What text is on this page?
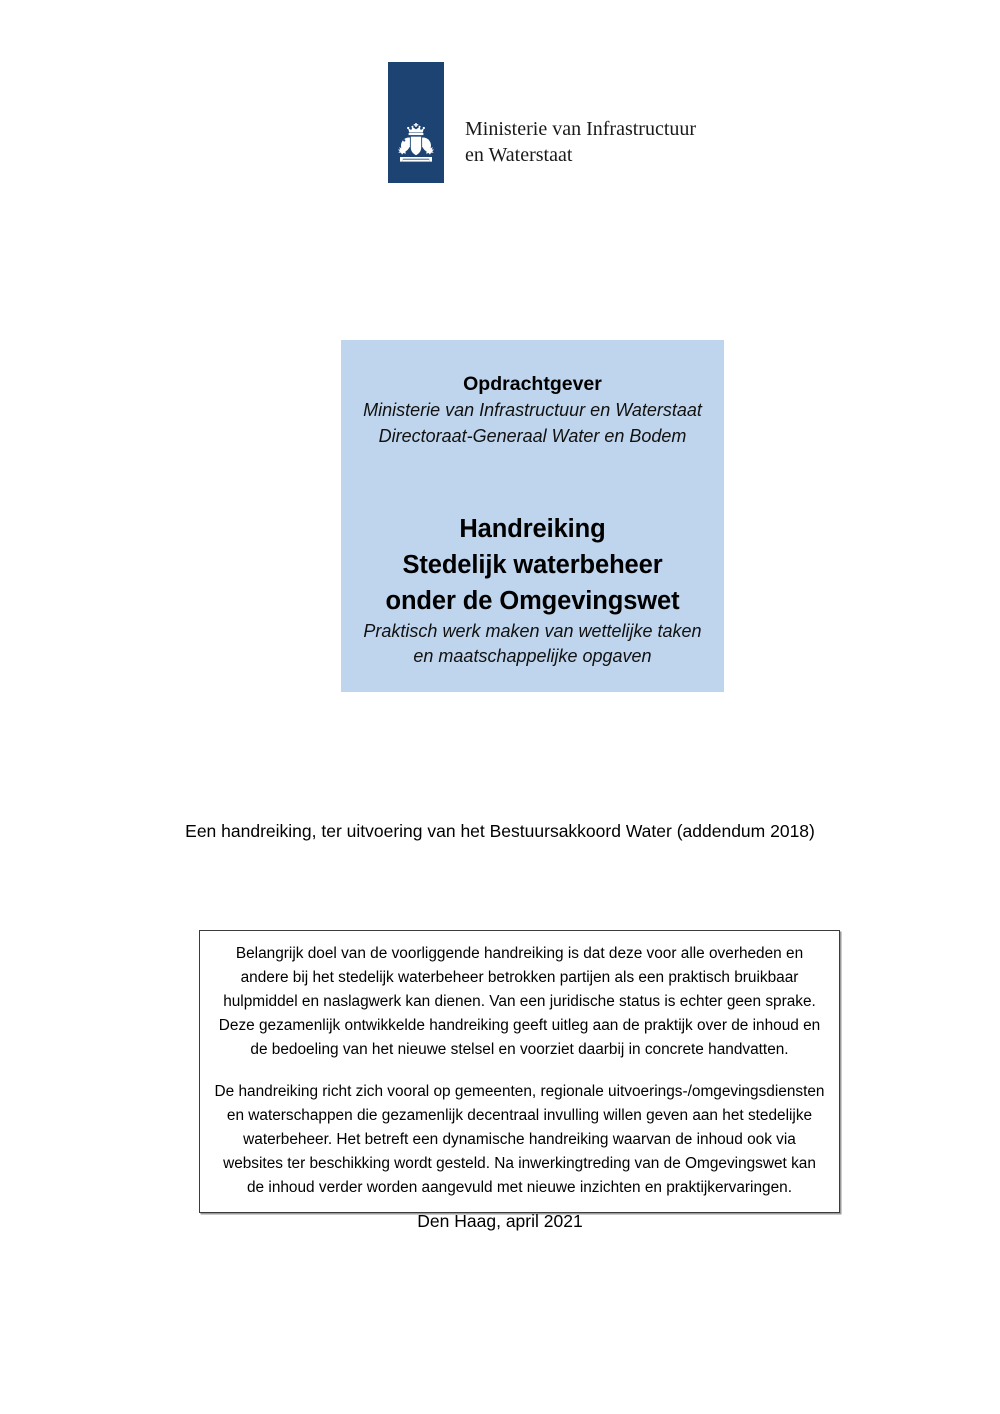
Ministerie van Infrastructuur
en Waterstaat
Opdrachtgever
Ministerie van Infrastructuur en Waterstaat
Directoraat-Generaal Water en Bodem
Handreiking
Stedelijk waterbeheer
onder de Omgevingswet
Praktisch werk maken van wettelijke taken
en maatschappelijke opgaven
Een handreiking, ter uitvoering van het Bestuursakkoord Water (addendum 2018)

Belangrijk doel van de voorliggende handreiking is dat deze voor alle overheden en andere bij het stedelijk waterbeheer betrokken partijen als een praktisch bruikbaar hulpmiddel en naslagwerk kan dienen. Van een juridische status is echter geen sprake. Deze gezamenlijk ontwikkelde handreiking geeft uitleg aan de praktijk over de inhoud en de bedoeling van het nieuwe stelsel en voorziet daarbij in concrete handvatten.

De handreiking richt zich vooral op gemeenten, regionale uitvoerings-/omgevingsdiensten en waterschappen die gezamenlijk decentraal invulling willen geven aan het stedelijke waterbeheer. Het betreft een dynamische handreiking waarvan de inhoud ook via websites ter beschikking wordt gesteld. Na inwerkingtreding van de Omgevingswet kan de inhoud verder worden aangevuld met nieuwe inzichten en praktijkervaringen.

Den Haag, april 2021
